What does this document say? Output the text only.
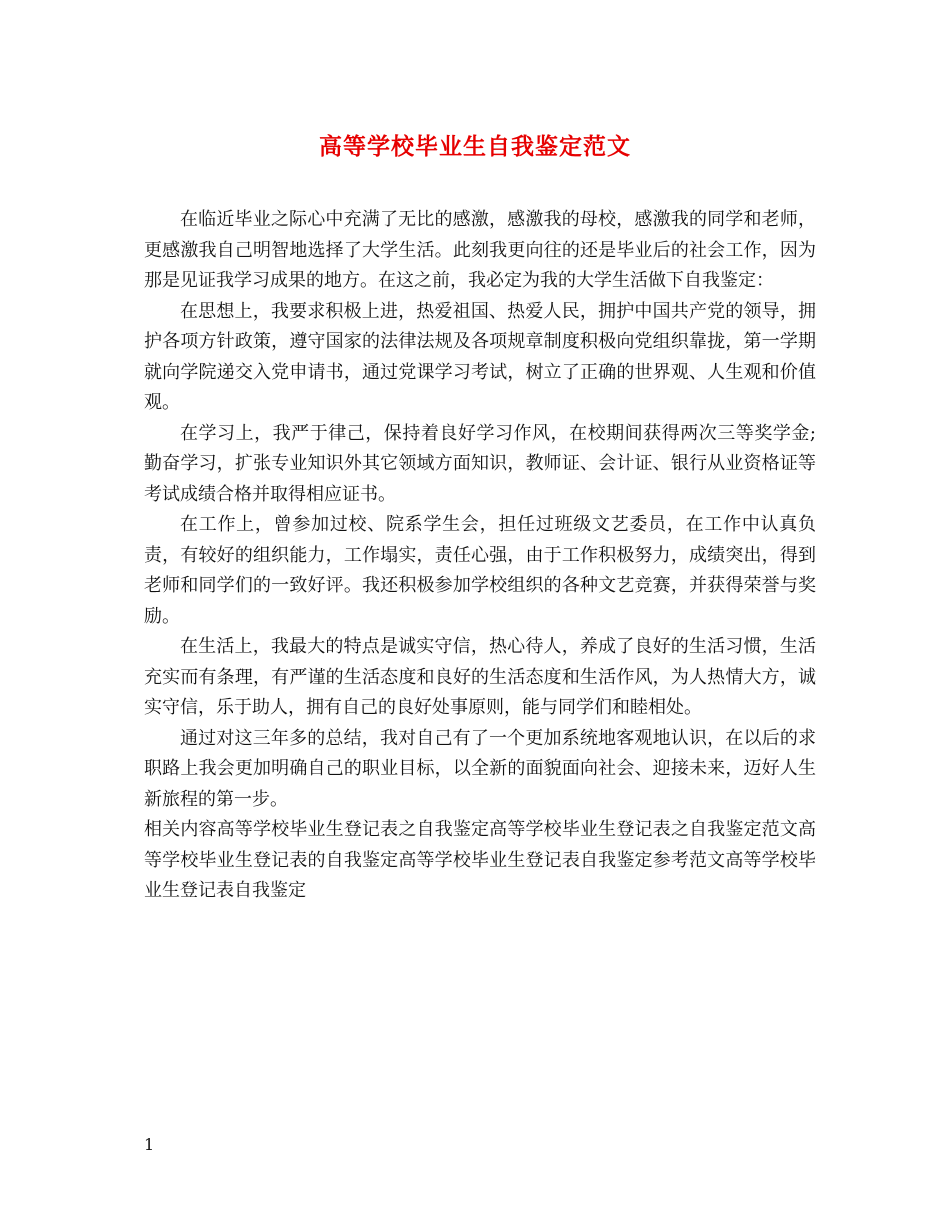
高等学校毕业生自我鉴定范文

在临近毕业之际心中充满了无比的感激，感激我的母校，感激我的同学和老师，更感激我自己明智地选择了大学生活。此刻我更向往的还是毕业后的社会工作，因为那是见证我学习成果的地方。在这之前，我必定为我的大学生活做下自我鉴定：

在思想上，我要求积极上进，热爱祖国、热爱人民，拥护中国共产党的领导，拥护各项方针政策，遵守国家的法律法规及各项规章制度积极向党组织靠拢，第一学期就向学院递交入党申请书，通过党课学习考试，树立了正确的世界观、人生观和价值观。

在学习上，我严于律己，保持着良好学习作风，在校期间获得两次三等奖学金;勤奋学习，扩张专业知识外其它领域方面知识，教师证、会计证、银行从业资格证等考试成绩合格并取得相应证书。

在工作上，曾参加过校、院系学生会，担任过班级文艺委员，在工作中认真负责，有较好的组织能力，工作塌实，责任心强，由于工作积极努力，成绩突出，得到老师和同学们的一致好评。我还积极参加学校组织的各种文艺竞赛，并获得荣誉与奖励。

在生活上，我最大的特点是诚实守信，热心待人，养成了良好的生活习惯，生活充实而有条理，有严谨的生活态度和良好的生活态度和生活作风，为人热情大方，诚实守信，乐于助人，拥有自己的良好处事原则，能与同学们和睦相处。

通过对这三年多的总结，我对自己有了一个更加系统地客观地认识，在以后的求职路上我会更加明确自己的职业目标，以全新的面貌面向社会、迎接未来，迈好人生新旅程的第一步。

相关内容高等学校毕业生登记表之自我鉴定高等学校毕业生登记表之自我鉴定范文高等学校毕业生登记表的自我鉴定高等学校毕业生登记表自我鉴定参考范文高等学校毕业生登记表自我鉴定

1
